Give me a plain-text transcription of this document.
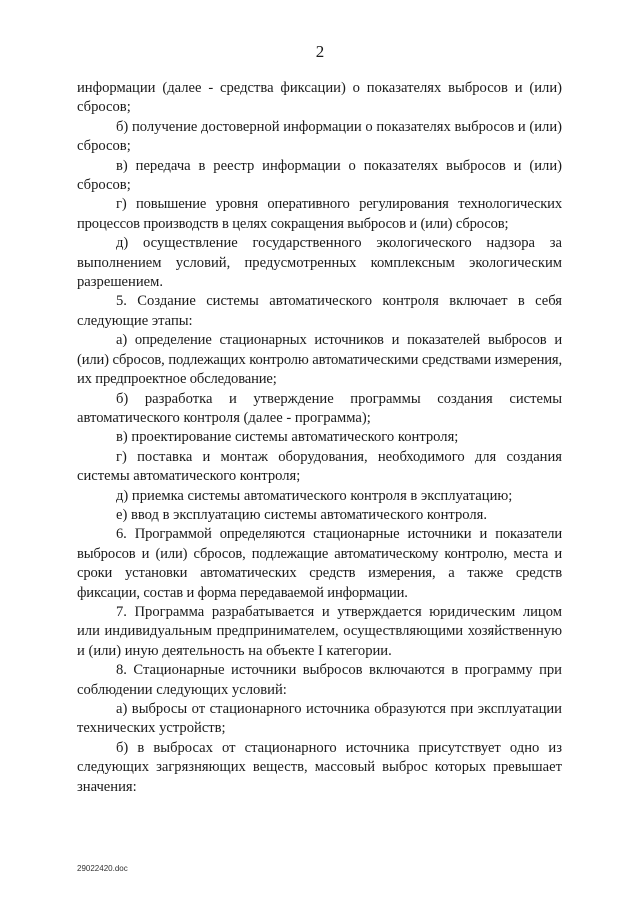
2

информации (далее - средства фиксации) о показателях выбросов и (или) сбросов;

б) получение достоверной информации о показателях выбросов и (или) сбросов;

в) передача в реестр информации о показателях выбросов и (или) сбросов;

г) повышение уровня оперативного регулирования технологических процессов производств в целях сокращения выбросов и (или) сбросов;

д) осуществление государственного экологического надзора за выполнением условий, предусмотренных комплексным экологическим разрешением.

5. Создание системы автоматического контроля включает в себя следующие этапы:

а) определение стационарных источников и показателей выбросов и (или) сбросов, подлежащих контролю автоматическими средствами измерения, их предпроектное обследование;

б) разработка и утверждение программы создания системы автоматического контроля (далее - программа);

в) проектирование системы автоматического контроля;

г) поставка и монтаж оборудования, необходимого для создания системы автоматического контроля;

д) приемка системы автоматического контроля в эксплуатацию;

е) ввод в эксплуатацию системы автоматического контроля.

6. Программой определяются стационарные источники и показатели выбросов и (или) сбросов, подлежащие автоматическому контролю, места и сроки установки автоматических средств измерения, а также средств фиксации, состав и форма передаваемой информации.

7. Программа разрабатывается и утверждается юридическим лицом или индивидуальным предпринимателем, осуществляющими хозяйственную и (или) иную деятельность на объекте I категории.

8. Стационарные источники выбросов включаются в программу при соблюдении следующих условий:

а) выбросы от стационарного источника образуются при эксплуатации технических устройств;

б) в выбросах от стационарного источника присутствует одно из следующих загрязняющих веществ, массовый выброс которых превышает значения:

29022420.doc
